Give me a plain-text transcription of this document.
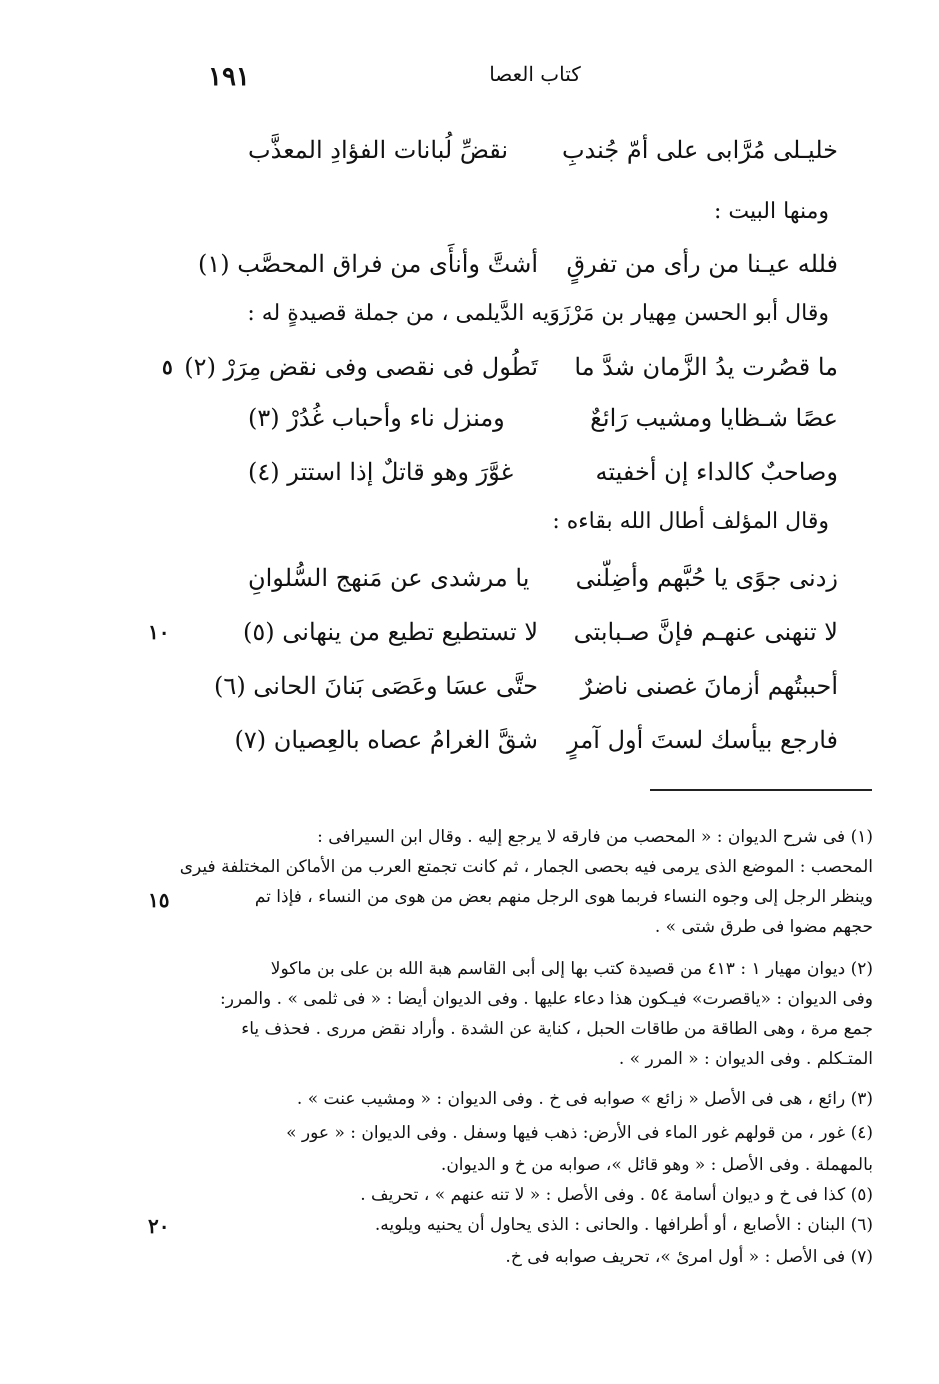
١٩١	كتاب العصا
خليـلى مُرَّابى على أمّ جُندبِ
نقضِّ لُبانات الفؤادِ المعذَّب
ومنها البيت :
فلله عيـنا من رأى من تفرقٍ
أشتَّ وأنأَى من فراق المحصَّب (١)
وقال أبو الحسن مِهيار بن مَرْزَوَيه الدَّيلمى ، من جملة قصيدةٍ له :
ما قصُرت يدُ الزَّمان شدَّ ما
تَطُول فى نقصى وفى نقض مِرَرْ (٢)
٥
عصًا شـظايا ومشيب رَائعٌ
ومنزل ناء وأحباب غُدُرْ (٣)
وصاحبٌ كالداء إن أخفيته
غوَّرَ وهو قاتلٌ إذا استتر (٤)
وقال المؤلف أطال الله بقاءه :
زدنى جوًى يا حُبَّهم وأضِلّنى
يا مرشدى عن مَنهج السُّلوانِ
لا تنهنى عنهـم فإنَّ صـبابتى
لا تستطيع تطيع من ينهانى (٥)
١٠
أحببتُهم أزمانَ غصنى ناضرٌ
حتَّى عسَا وعَصَى بَنانَ الحانى (٦)
فارجع بيأسك لستَ أول آمرٍ
شقَّ الغرامُ عصاه بالعِصيان (٧)
(١) فى شرح الديوان : « المحصب من فارقه لا يرجع إليه . وقال ابن السيرافى :
المحصب : الموضع الذى يرمى فيه بحصى الجمار ، ثم كانت تجمتع العرب من الأماكن المختلفة فيرى
وينظر الرجل إلى وجوه النساء فربما هوى الرجل منهم بعض من هوى من النساء ، فإذا تم
١٥
حجهم مضوا فى طرق شتى » .
(٢) ديوان مهيار ١ : ٤١٣ من قصيدة كتب بها إلى أبى القاسم هبة الله بن على بن ماكولا
وفى الديوان : «ياقصرت» فيـكون هذا دعاء عليها . وفى الديوان أيضا : « فى ثلمى » . والمرر:
جمع مرة ، وهى الطاقة من طاقات الحبل ، كناية عن الشدة . وأراد نقض مررى . فحذف ياء
المتـكلم . وفى الديوان : « المرر » .
(٣) رائع ، هى فى الأصل « زائع » صوابه فى خ . وفى الديوان : « ومشيب عنت » .
(٤) غور ، من قولهم غور الماء فى الأرض: ذهب فيها وسفل . وفى الديوان : « عور »
بالمهملة . وفى الأصل : « وهو قائل »، صوابه من خ و الديوان.
(٥) كذا فى خ و ديوان أسامة ٥٤ . وفى الأصل : « لا تنه عنهم » ، تحريف .
(٦) البنان : الأصابع ، أو أطرافها . والحانى : الذى يحاول أن يحنيه ويلويه.
٢٠
(٧) فى الأصل : « أول امرئ »، تحريف صوابه فى خ.
